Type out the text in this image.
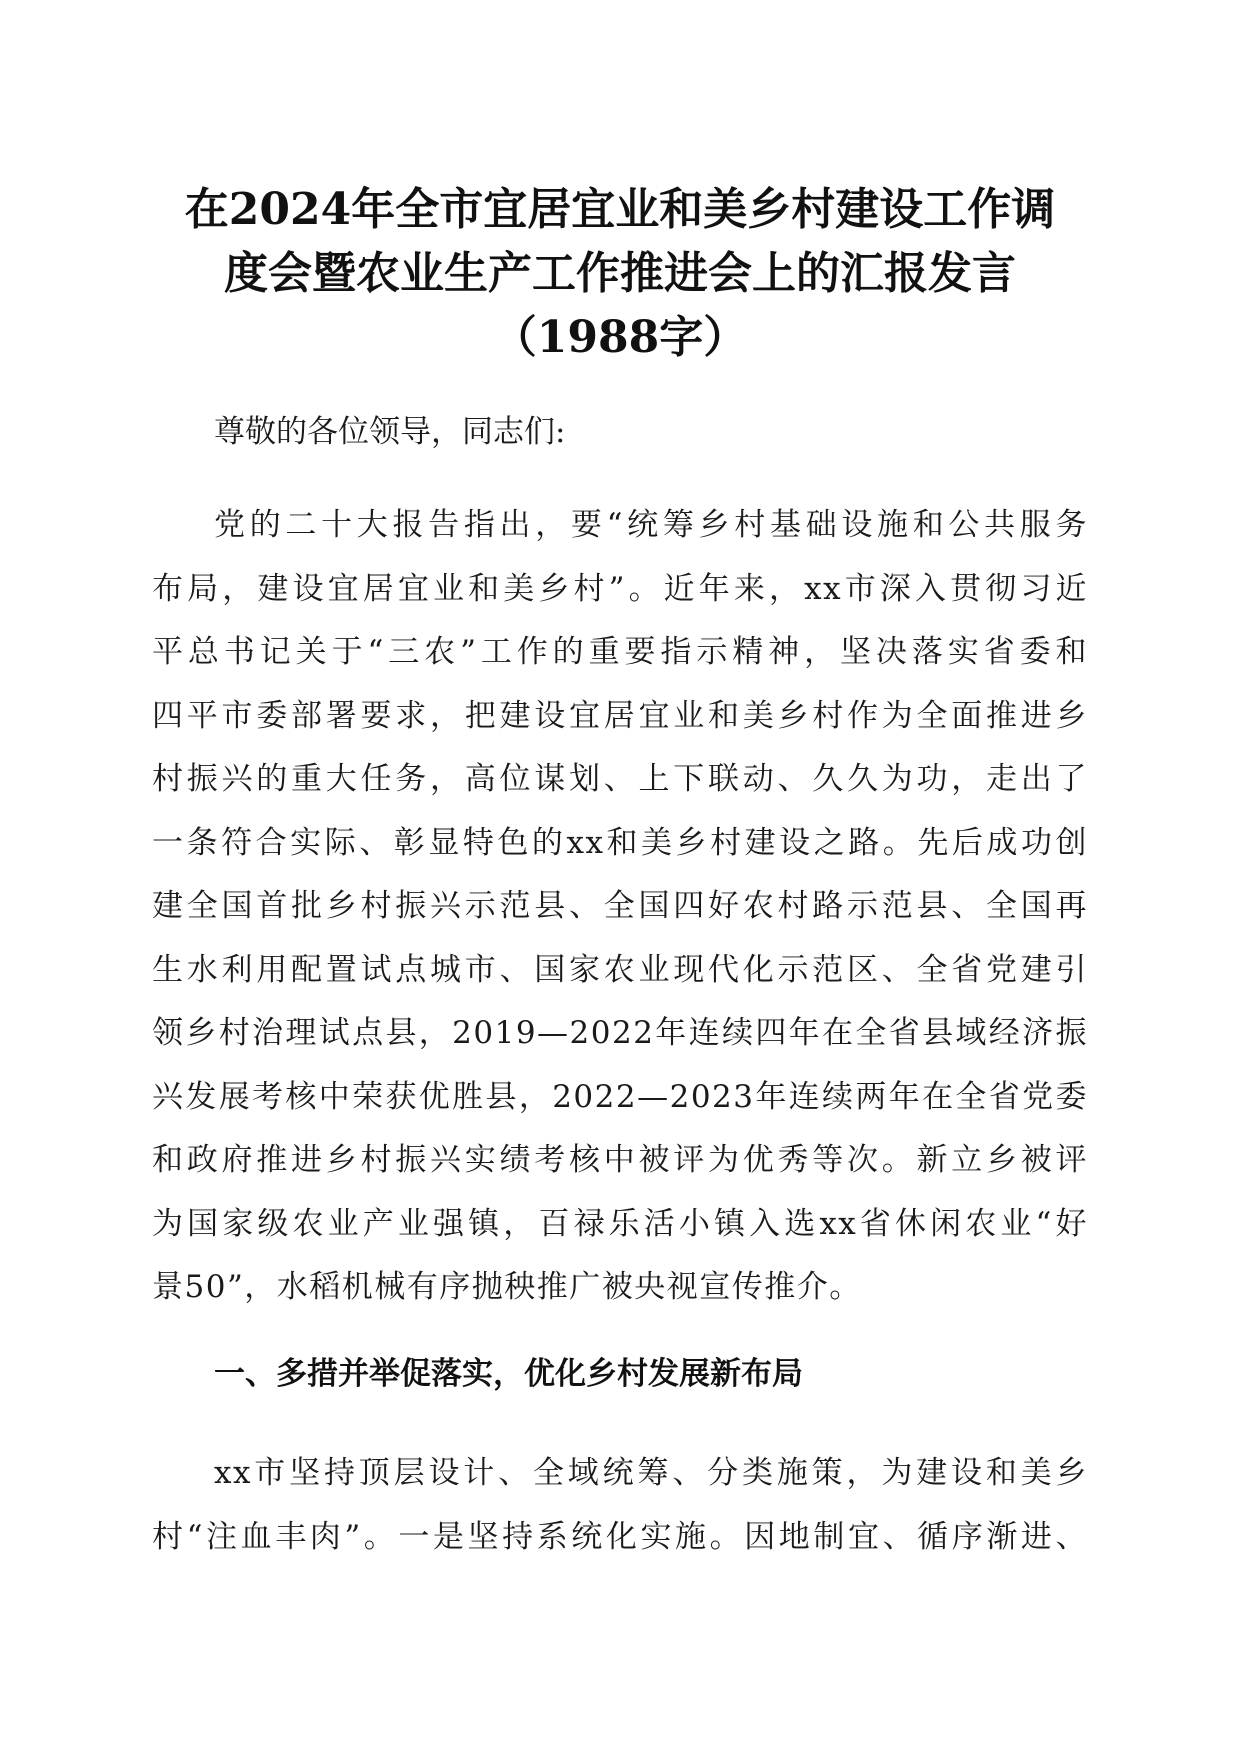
在2024年全市宜居宜业和美乡村建设工作调
度会暨农业生产工作推进会上的汇报发言
（1988字）

尊敬的各位领导，同志们:

党的二十大报告指出，要“统筹乡村基础设施和公共服务
布局，建设宜居宜业和美乡村”。近年来，xx市深入贯彻习近
平总书记关于“三农”工作的重要指示精神，坚决落实省委和
四平市委部署要求，把建设宜居宜业和美乡村作为全面推进乡
村振兴的重大任务，高位谋划、上下联动、久久为功，走出了
一条符合实际、彰显特色的xx和美乡村建设之路。先后成功创
建全国首批乡村振兴示范县、全国四好农村路示范县、全国再
生水利用配置试点城市、国家农业现代化示范区、全省党建引
领乡村治理试点县，2019—2022年连续四年在全省县域经济振
兴发展考核中荣获优胜县，2022—2023年连续两年在全省党委
和政府推进乡村振兴实绩考核中被评为优秀等次。新立乡被评
为国家级农业产业强镇，百禄乐活小镇入选xx省休闲农业“好
景50”，水稻机械有序抛秧推广被央视宣传推介。
一、多措并举促落实，优化乡村发展新布局
xx市坚持顶层设计、全域统筹、分类施策，为建设和美乡
村“注血丰肉”。一是坚持系统化实施。因地制宜、循序渐进、
